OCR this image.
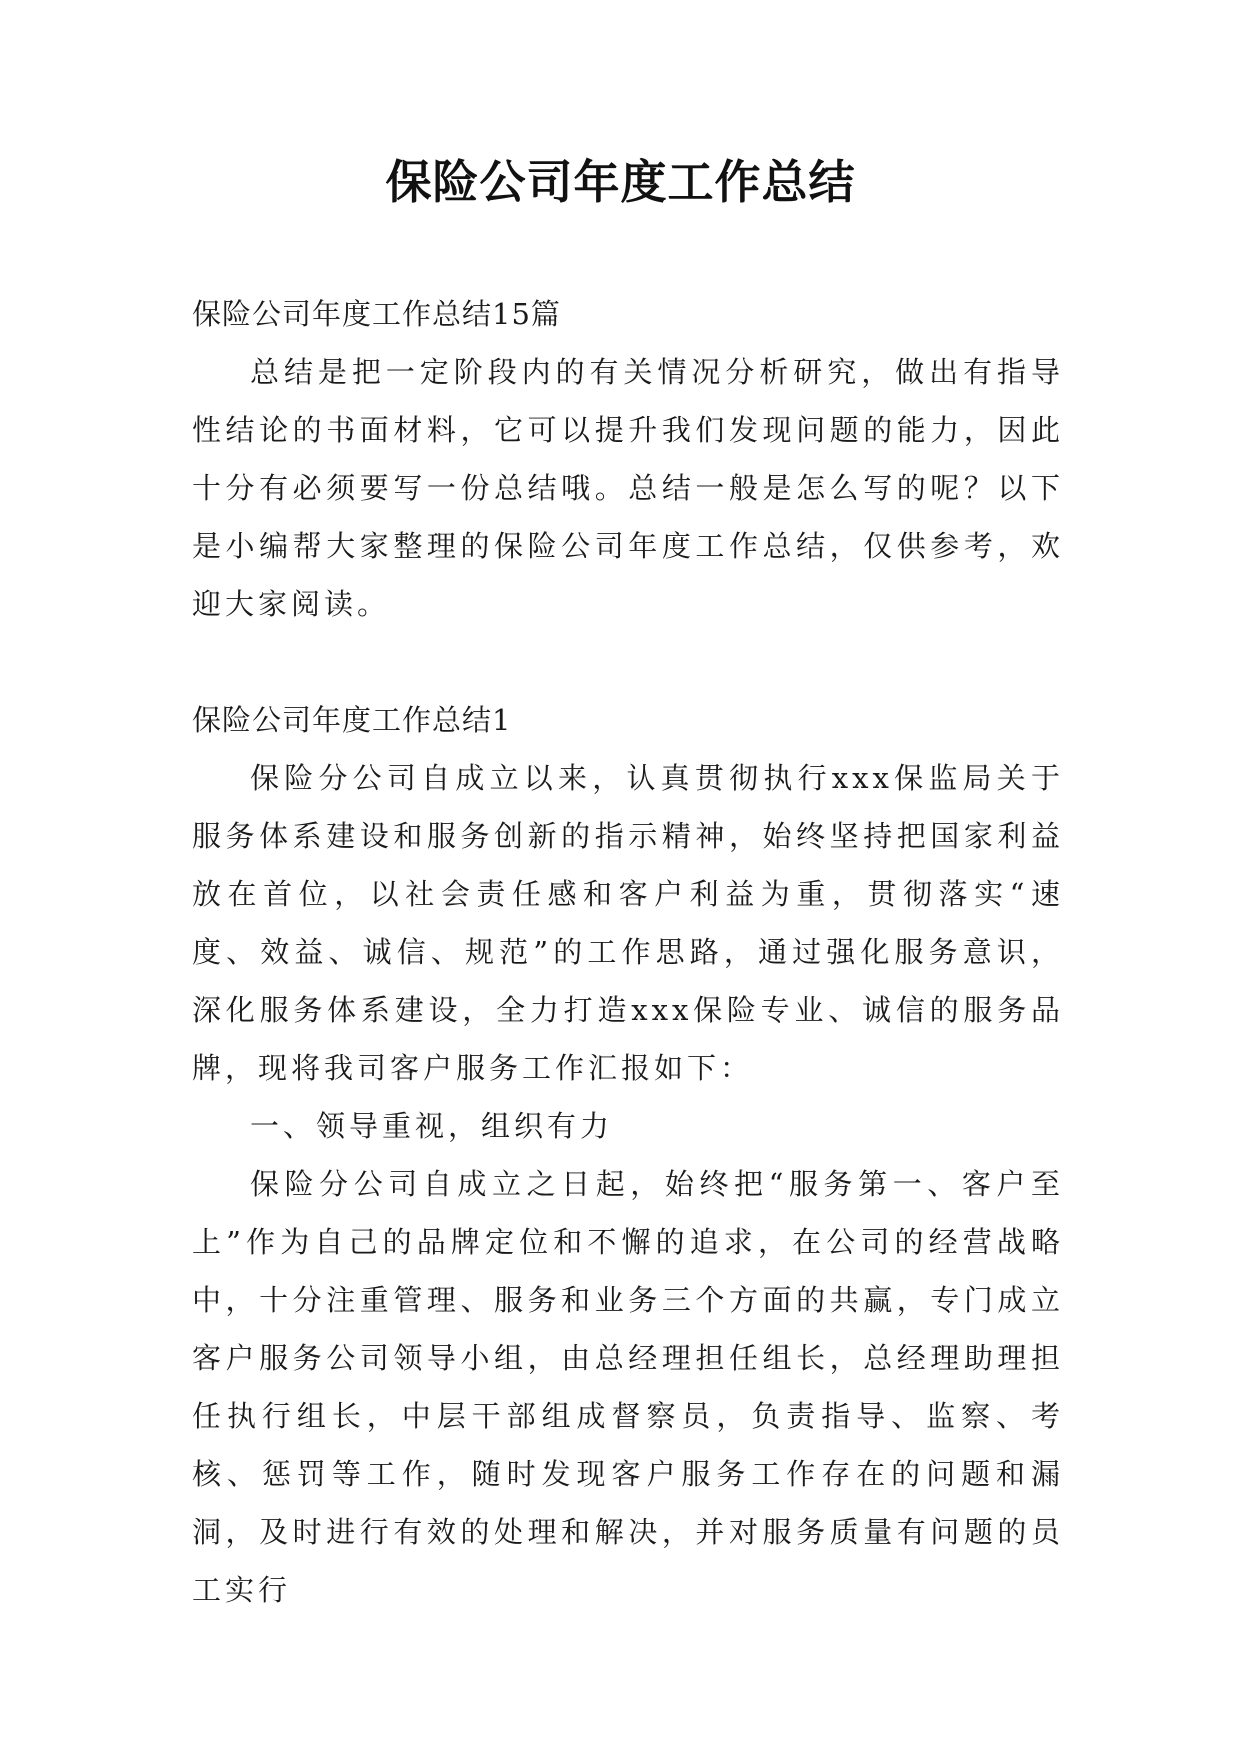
保险公司年度工作总结

保险公司年度工作总结15篇

总结是把一定阶段内的有关情况分析研究，做出有指导性结论的书面材料，它可以提升我们发现问题的能力，因此十分有必须要写一份总结哦。总结一般是怎么写的呢？以下是小编帮大家整理的保险公司年度工作总结，仅供参考，欢迎大家阅读。

保险公司年度工作总结1

保险分公司自成立以来，认真贯彻执行xxx保监局关于服务体系建设和服务创新的指示精神，始终坚持把国家利益放在首位，以社会责任感和客户利益为重，贯彻落实“速度、效益、诚信、规范”的工作思路，通过强化服务意识，深化服务体系建设，全力打造xxx保险专业、诚信的服务品牌，现将我司客户服务工作汇报如下：

一、领导重视，组织有力

保险分公司自成立之日起，始终把“服务第一、客户至上”作为自己的品牌定位和不懈的追求，在公司的经营战略中，十分注重管理、服务和业务三个方面的共赢，专门成立客户服务公司领导小组，由总经理担任组长，总经理助理担任执行组长，中层干部组成督察员，负责指导、监察、考核、惩罚等工作，随时发现客户服务工作存在的问题和漏洞，及时进行有效的处理和解决，并对服务质量有问题的员工实行
